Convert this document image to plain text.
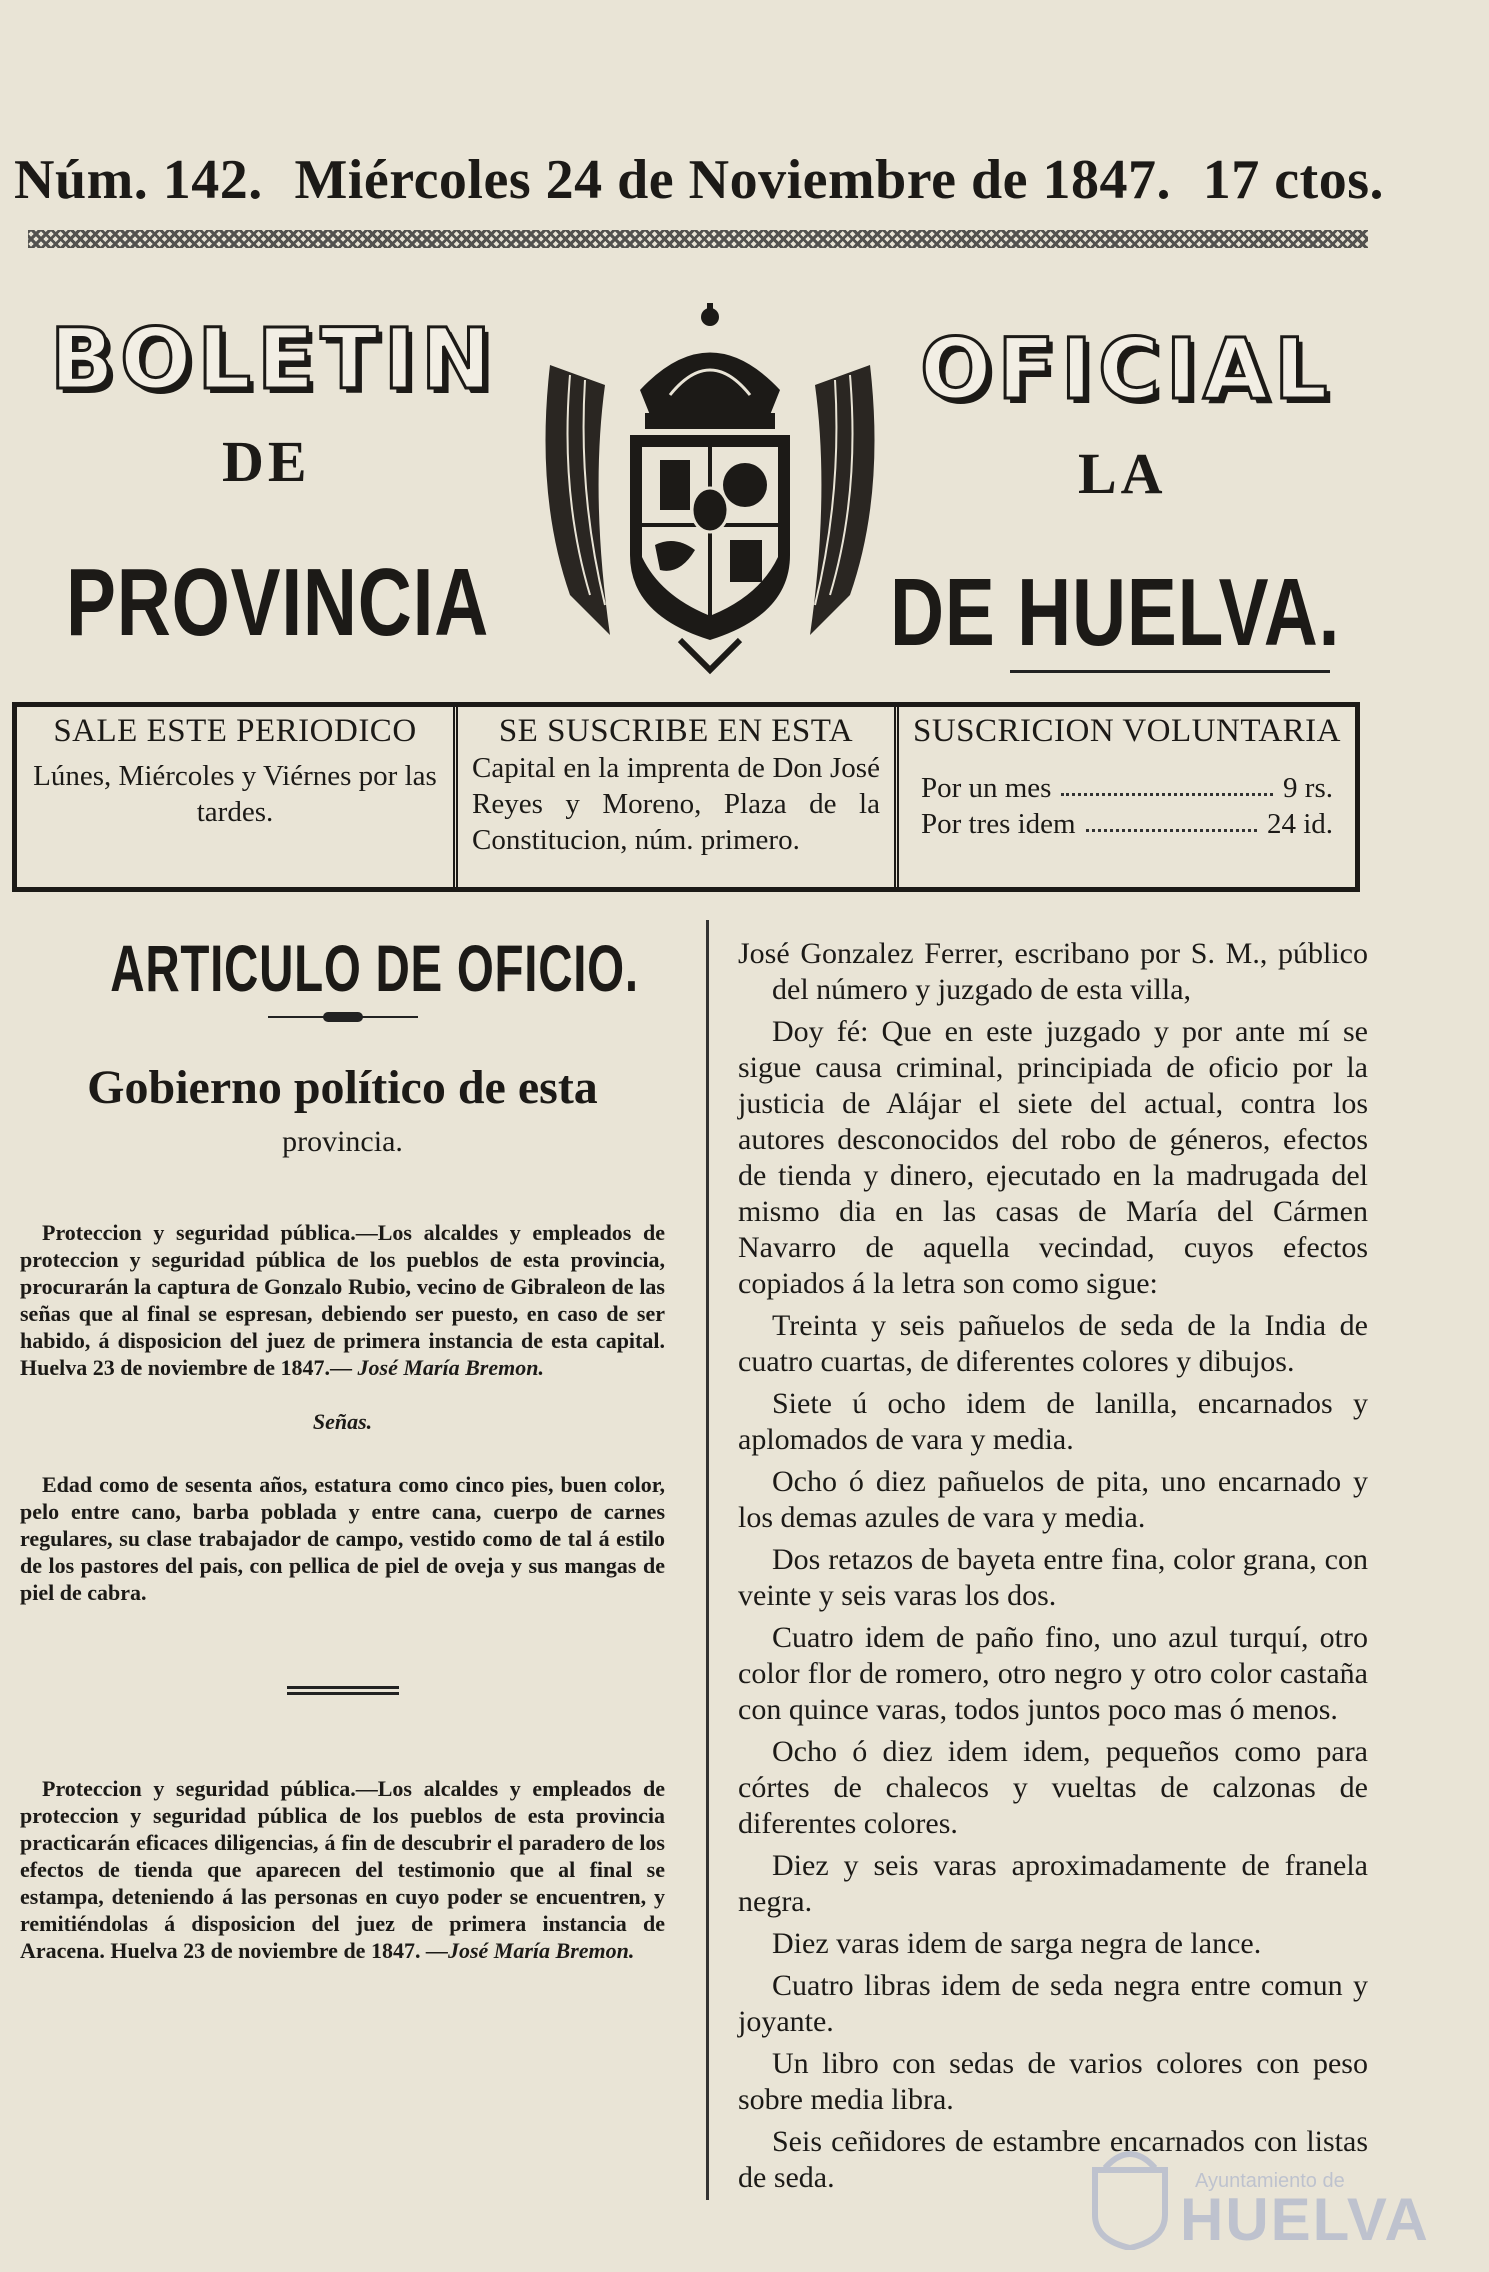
Núm. 142. Miércoles 24 de Noviembre de 1847. 17 ctos.
BOLETIN	OFICIAL
DE	LA
PROVINCIA	DE HUELVA.
SALE ESTE PERIODICO
Lúnes, Miércoles y Viérnes por las tardes.
SE SUSCRIBE EN ESTA
Capital en la imprenta de Don José Reyes y Moreno, Plaza de la Constitucion, núm. primero.
SUSCRICION VOLUNTARIA
Por un mes	9 rs.
Por tres idem	24 id.
ARTICULO DE OFICIO.
Gobierno político de esta
provincia.

Proteccion y seguridad pública.—Los alcaldes y empleados de proteccion y seguridad pública de los pueblos de esta provincia, procurarán la captura de Gonzalo Rubio, vecino de Gibraleon de las señas que al final se espresan, debiendo ser puesto, en caso de ser habido, á disposicion del juez de primera instancia de esta capital. Huelva 23 de noviembre de 1847.— José María Bremon.

Señas.

Edad como de sesenta años, estatura como cinco pies, buen color, pelo entre cano, barba poblada y entre cana, cuerpo de carnes regulares, su clase trabajador de campo, vestido como de tal á estilo de los pastores del pais, con pellica de piel de oveja y sus mangas de piel de cabra.

Proteccion y seguridad pública.—Los alcaldes y empleados de proteccion y seguridad pública de los pueblos de esta provincia practicarán eficaces diligencias, á fin de descubrir el paradero de los efectos de tienda que aparecen del testimonio que al final se estampa, deteniendo á las personas en cuyo poder se encuentren, y remitiéndolas á disposicion del juez de primera instancia de Aracena. Huelva 23 de noviembre de 1847. —José María Bremon.

José Gonzalez Ferrer, escribano por S. M., público del número y juzgado de esta villa,

Doy fé: Que en este juzgado y por ante mí se sigue causa criminal, principiada de oficio por la justicia de Alájar el siete del actual, contra los autores desconocidos del robo de géneros, efectos de tienda y dinero, ejecutado en la madrugada del mismo dia en las casas de María del Cármen Navarro de aquella vecindad, cuyos efectos copiados á la letra son como sigue:

Treinta y seis pañuelos de seda de la India de cuatro cuartas, de diferentes colores y dibujos.

Siete ú ocho idem de lanilla, encarnados y aplomados de vara y media.

Ocho ó diez pañuelos de pita, uno encarnado y los demas azules de vara y media.

Dos retazos de bayeta entre fina, color grana, con veinte y seis varas los dos.

Cuatro idem de paño fino, uno azul turquí, otro color flor de romero, otro negro y otro color castaña con quince varas, todos juntos poco mas ó menos.

Ocho ó diez idem idem, pequeños como para córtes de chalecos y vueltas de calzonas de diferentes colores.

Diez y seis varas aproximadamente de franela negra.

Diez varas idem de sarga negra de lance.

Cuatro libras idem de seda negra entre comun y joyante.

Un libro con sedas de varios colores con peso sobre media libra.

Seis ceñidores de estambre encarnados con listas de seda.	Ayuntamiento de
HUELVA
